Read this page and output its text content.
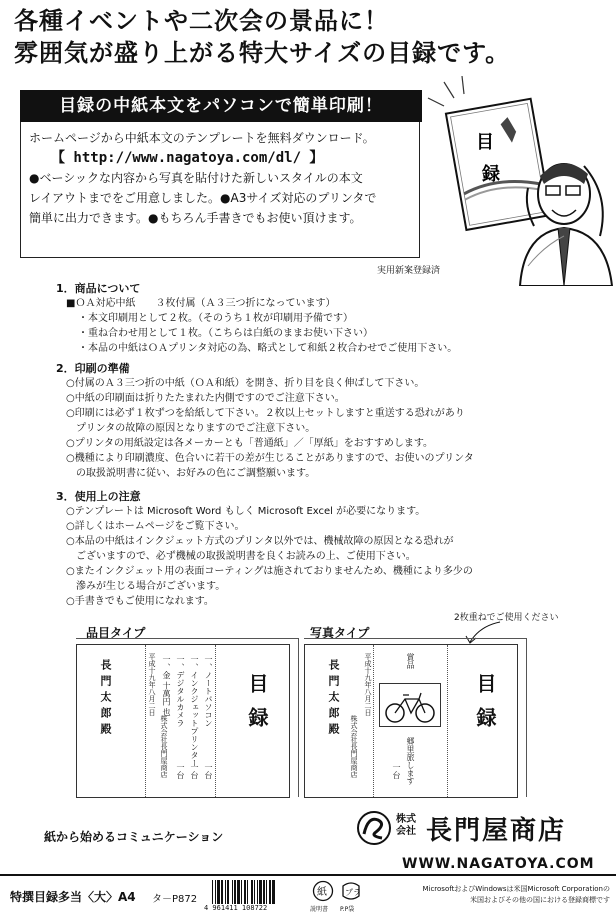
各種イベントや二次会の景品に！
雰囲気が盛り上がる特大サイズの目録です。
目録の中紙本文をパソコンで簡単印刷！

ホームページから中紙本文のテンプレートを無料ダウンロード。

【 http://www.nagatoya.com/dl/ 】

●ベーシックな内容から写真を貼付けた新しいスタイルの本文

レイアウトまでをご用意しました。●A3サイズ対応のプリンタで

簡単に出力できます。●もちろん手書きでもお使い頂けます。

実用新案登録済
目
録
1．商品について
■ＯＡ対応中紙　　３枚付属（Ａ３三つ折になっています）
・本文印刷用として２枚。（そのうち１枚が印刷用予備です）
・重ね合わせ用として１枚。（こちらは白紙のままお使い下さい）
・本品の中紙はＯＡプリンタ対応の為、略式として和紙２枚合わせでご使用下さい。
2．印刷の準備
○付属のＡ３三つ折の中紙（ＯＡ和紙）を開き、折り目を良く伸ばして下さい。
○中紙の印刷面は折りたたまれた内側ですのでご注意下さい。
○印刷には必ず１枚ずつを給紙して下さい。２枚以上セットしますと重送する恐れがあり
　プリンタの故障の原因となりますのでご注意下さい。
○プリンタの用紙設定は各メーカーとも「普通紙」／「厚紙」をおすすめします。
○機種により印刷濃度、色合いに若干の差が生じることがありますので、お使いのプリンタ
　の取扱説明書に従い、お好みの色にご調整願います。
3．使用上の注意
○テンプレートは Microsoft Word もしく Microsoft Excel が必要になります。
○詳しくはホームページをご覧下さい。
○本品の中紙はインクジェット方式のプリンタ以外では、機械故障の原因となる恐れが
　ございますので、必ず機械の取扱説明書を良くお読みの上、ご使用下さい。
○またインクジェット用の表面コーティングは施されておりませんため、機種により多少の
　滲みが生じる場合がございます。
○手書きでもご使用になれます。
2枚重ねでご使用ください
品目タイプ	写真タイプ
長門太郎殿	平成十九年八月二日
株式会社長門屋商店
一、ノートパソコン
一、インクジェットプリンター
一、デジタルカメラ
一、金 十萬円 也
一台
一台
一台
目録	長門太郎殿	平成十九年八月二日
株式会社長門屋商店
賞品
郷里旅します
一台
目録
紙から始めるコミュニケーション
株式
会社 長門屋商店
WWW.NAGATOYA.COM
特撰目録多当〈大〉A4 タ－P872
4 961411 108722
紙
説明書
プラ
P.P袋
MicrosoftおよびWindowsは米国Microsoft Corporationの
米国およびその他の国における登録商標です
